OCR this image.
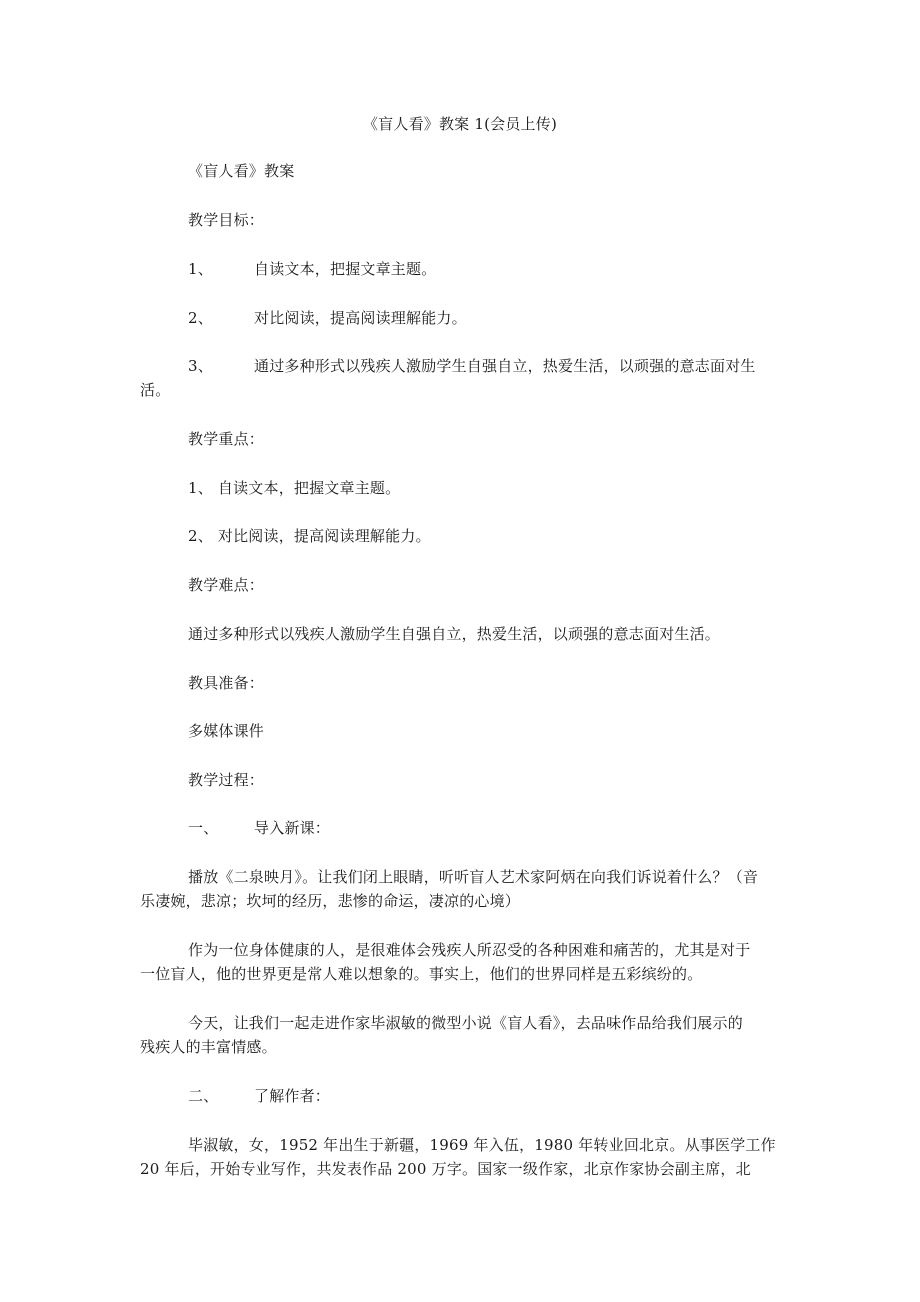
《盲人看》教案 1(会员上传)
《盲人看》教案
教学目标：
1、	自读文本，把握文章主题。
2、	对比阅读，提高阅读理解能力。
3、	通过多种形式以残疾人激励学生自强自立，热爱生活，以顽强的意志面对生
活。
教学重点：
1、 自读文本，把握文章主题。
2、 对比阅读，提高阅读理解能力。
教学难点：
通过多种形式以残疾人激励学生自强自立，热爱生活，以顽强的意志面对生活。
教具准备：
多媒体课件
教学过程：
一、 导入新课：
播放《二泉映月》。让我们闭上眼睛，听听盲人艺术家阿炳在向我们诉说着什么？（音
乐凄婉，悲凉；坎坷的经历，悲惨的命运，凄凉的心境）
作为一位身体健康的人，是很难体会残疾人所忍受的各种困难和痛苦的，尤其是对于
一位盲人，他的世界更是常人难以想象的。事实上，他们的世界同样是五彩缤纷的。
今天，让我们一起走进作家毕淑敏的微型小说《盲人看》，去品味作品给我们展示的
残疾人的丰富情感。
二、 了解作者：
毕淑敏，女，1952 年出生于新疆，1969 年入伍，1980 年转业回北京。从事医学工作
20 年后，开始专业写作，共发表作品 200 万字。国家一级作家，北京作家协会副主席，北
